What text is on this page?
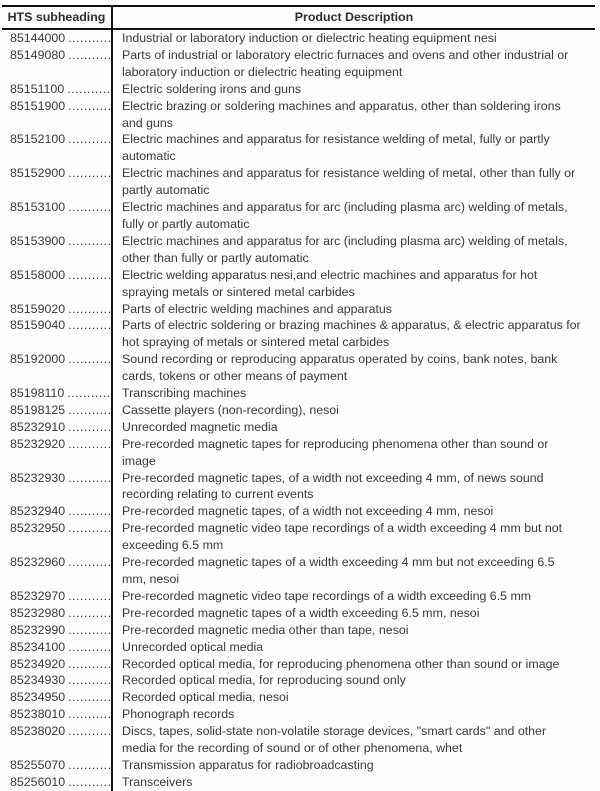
HTS subheading	Product Description
85144000 ........... Industrial or laboratory induction or dielectric heating equipment nesi
85149080 ........... Parts of industrial or laboratory electric furnaces and ovens and other industrial or laboratory induction or dielectric heating equipment
85151100 ........... Electric soldering irons and guns
85151900 ........... Electric brazing or soldering machines and apparatus, other than soldering irons and guns
85152100 ........... Electric machines and apparatus for resistance welding of metal, fully or partly automatic
85152900 ........... Electric machines and apparatus for resistance welding of metal, other than fully or partly automatic
85153100 ........... Electric machines and apparatus for arc (including plasma arc) welding of metals, fully or partly automatic
85153900 ........... Electric machines and apparatus for arc (including plasma arc) welding of metals, other than fully or partly automatic
85158000 ........... Electric welding apparatus nesi,and electric machines and apparatus for hot spraying metals or sintered metal carbides
85159020 ........... Parts of electric welding machines and apparatus
85159040 ........... Parts of electric soldering or brazing machines & apparatus, & electric apparatus for hot spraying of metals or sintered metal carbides
85192000 ........... Sound recording or reproducing apparatus operated by coins, bank notes, bank cards, tokens or other means of payment
85198110 ........... Transcribing machines
85198125 ........... Cassette players (non-recording), nesoi
85232910 ........... Unrecorded magnetic media
85232920 ........... Pre-recorded magnetic tapes for reproducing phenomena other than sound or image
85232930 ........... Pre-recorded magnetic tapes, of a width not exceeding 4 mm, of news sound recording relating to current events
85232940 ........... Pre-recorded magnetic tapes, of a width not exceeding 4 mm, nesoi
85232950 ........... Pre-recorded magnetic video tape recordings of a width exceeding 4 mm but not exceeding 6.5 mm
85232960 ........... Pre-recorded magnetic tapes of a width exceeding 4 mm but not exceeding 6.5 mm, nesoi
85232970 ........... Pre-recorded magnetic video tape recordings of a width exceeding 6.5 mm
85232980 ........... Pre-recorded magnetic tapes of a width exceeding 6.5 mm, nesoi
85232990 ........... Pre-recorded magnetic media other than tape, nesoi
85234100 ........... Unrecorded optical media
85234920 ........... Recorded optical media, for reproducing phenomena other than sound or image
85234930 ........... Recorded optical media, for reproducing sound only
85234950 ........... Recorded optical media, nesoi
85238010 ........... Phonograph records
85238020 ........... Discs, tapes, solid-state non-volatile storage devices, "smart cards" and other media for the recording of sound or of other phenomena, whet
85255070 ........... Transmission apparatus for radiobroadcasting
85256010 ........... Transceivers
